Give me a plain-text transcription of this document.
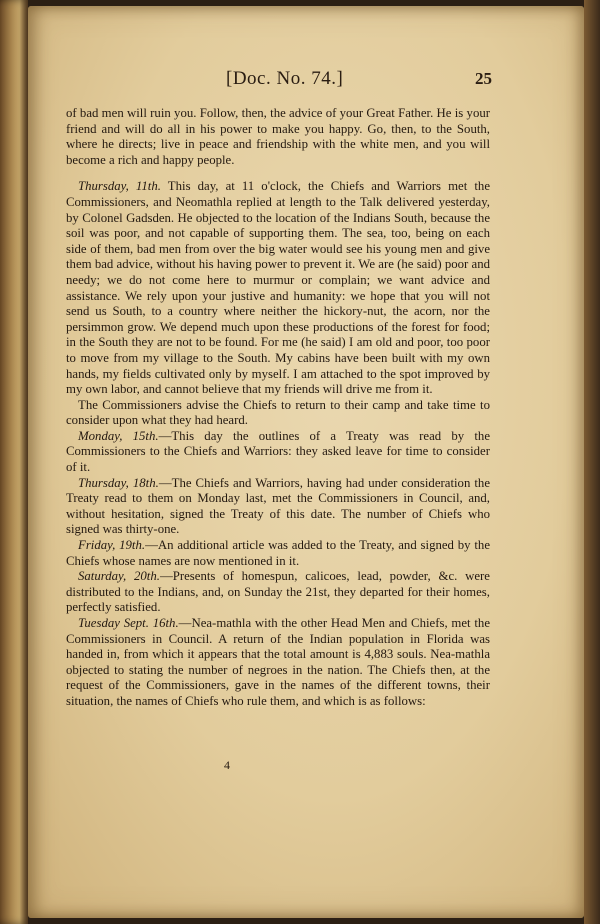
[Doc. No. 74.]	25

of bad men will ruin you. Follow, then, the advice of your Great Father. He is your friend and will do all in his power to make you happy. Go, then, to the South, where he directs; live in peace and friendship with the white men, and you will become a rich and happy people.

Thursday, 11th. This day, at 11 o'clock, the Chiefs and Warriors met the Commissioners, and Neomathla replied at length to the Talk delivered yesterday, by Colonel Gadsden. He objected to the location of the Indians South, because the soil was poor, and not capable of supporting them. The sea, too, being on each side of them, bad men from over the big water would see his young men and give them bad advice, without his having power to prevent it. We are (he said) poor and needy; we do not come here to murmur or complain; we want advice and assistance. We rely upon your justive and humanity: we hope that you will not send us South, to a country where neither the hickory-nut, the acorn, nor the persimmon grow. We depend much upon these productions of the forest for food; in the South they are not to be found. For me (he said) I am old and poor, too poor to move from my village to the South. My cabins have been built with my own hands, my fields cultivated only by myself. I am attached to the spot improved by my own labor, and cannot believe that my friends will drive me from it.

The Commissioners advise the Chiefs to return to their camp and take time to consider upon what they had heard.

Monday, 15th.—This day the outlines of a Treaty was read by the Commissioners to the Chiefs and Warriors: they asked leave for time to consider of it.

Thursday, 18th.—The Chiefs and Warriors, having had under consideration the Treaty read to them on Monday last, met the Commissioners in Council, and, without hesitation, signed the Treaty of this date. The number of Chiefs who signed was thirty-one.

Friday, 19th.—An additional article was added to the Treaty, and signed by the Chiefs whose names are now mentioned in it.

Saturday, 20th.—Presents of homespun, calicoes, lead, powder, &c. were distributed to the Indians, and, on Sunday the 21st, they departed for their homes, perfectly satisfied.

Tuesday Sept. 16th.—Nea-mathla with the other Head Men and Chiefs, met the Commissioners in Council. A return of the Indian population in Florida was handed in, from which it appears that the total amount is 4,883 souls. Nea-mathla objected to stating the number of negroes in the nation. The Chiefs then, at the request of the Commissioners, gave in the names of the different towns, their situation, the names of Chiefs who rule them, and which is as follows:

4
